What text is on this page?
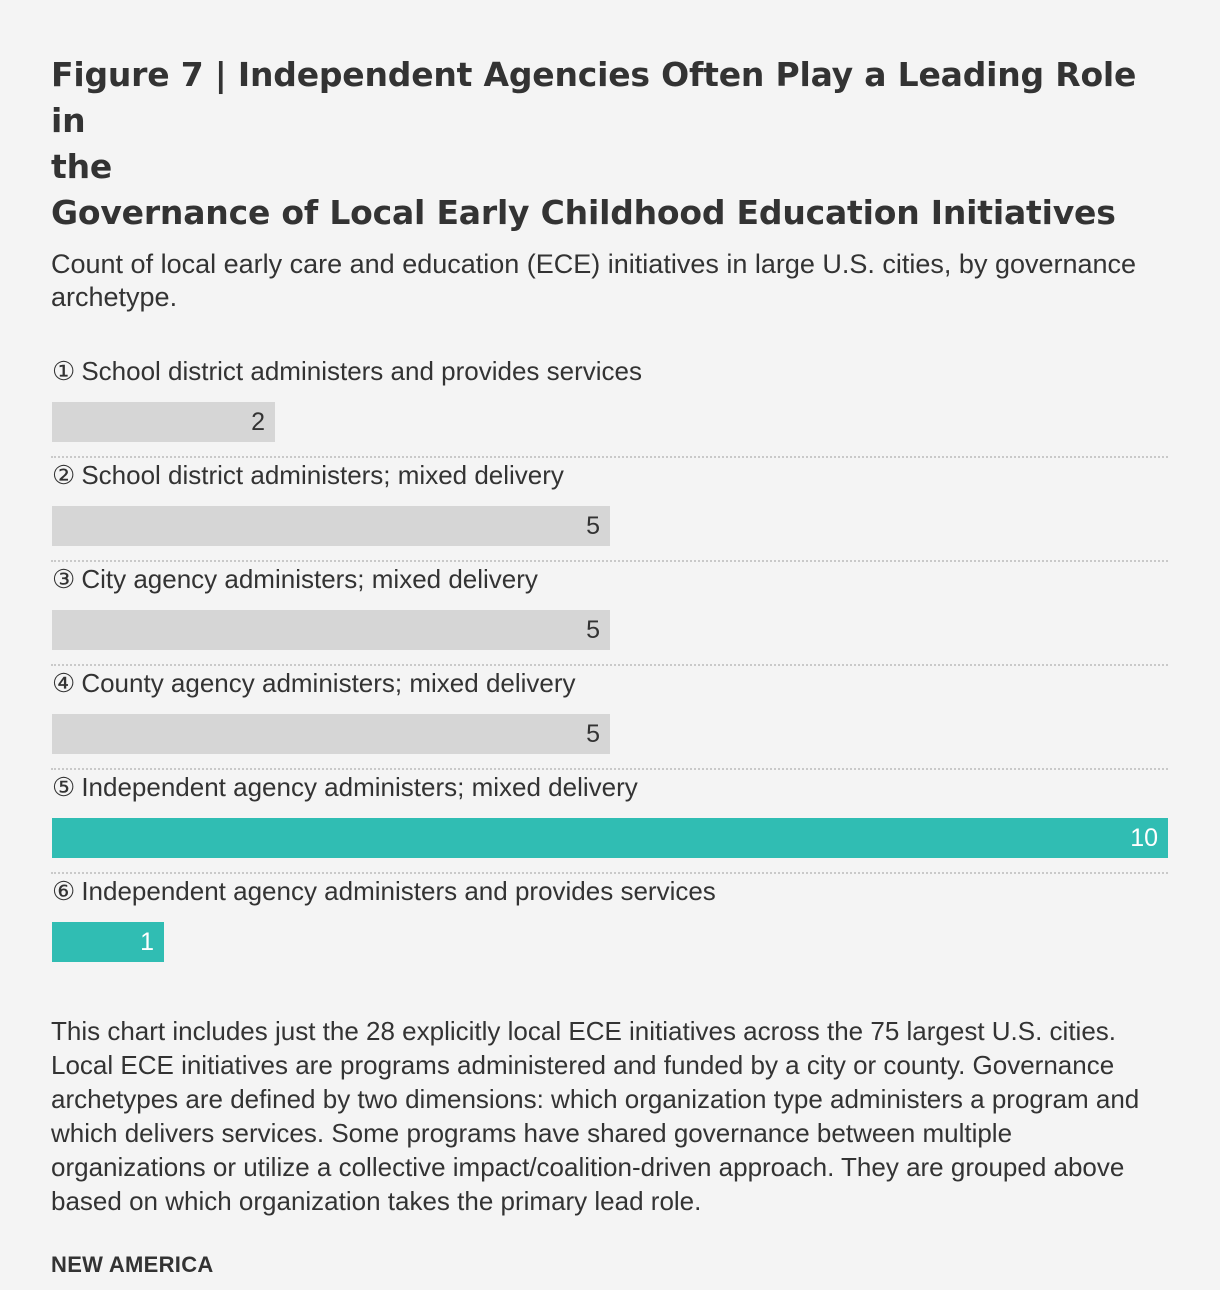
Figure 7 | Independent Agencies Often Play a Leading Role in
the
Governance of Local Early Childhood Education Initiatives

Count of local early care and education (ECE) initiatives in large U.S. cities, by governance archetype.

① School district administers and provides services
2
② School district administers; mixed delivery
5
③ City agency administers; mixed delivery
5
④ County agency administers; mixed delivery
5
⑤ Independent agency administers; mixed delivery
10
⑥ Independent agency administers and provides services
1

This chart includes just the 28 explicitly local ECE initiatives across the 75 largest U.S. cities. Local ECE initiatives are programs administered and funded by a city or county. Governance archetypes are defined by two dimensions: which organization type administers a program and which delivers services. Some programs have shared governance between multiple organizations or utilize a collective impact/coalition-driven approach. They are grouped above based on which organization takes the primary lead role.

NEW AMERICA
